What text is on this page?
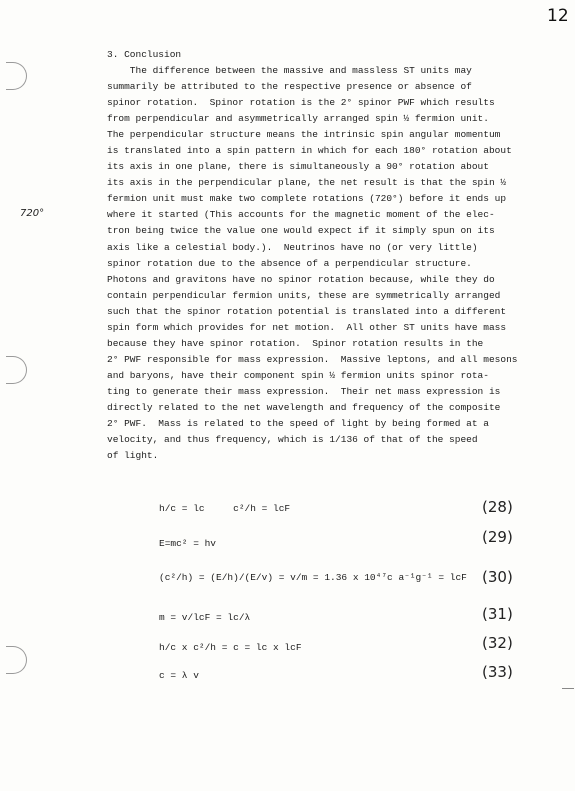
12
720°

3. Conclusion

The difference between the massive and massless ST units may

summarily be attributed to the respective presence or absence of

spinor rotation.  Spinor rotation is the 2° spinor PWF which results

from perpendicular and asymmetrically arranged spin ½ fermion unit.

The perpendicular structure means the intrinsic spin angular momentum

is translated into a spin pattern in which for each 180° rotation about

its axis in one plane, there is simultaneously a 90° rotation about

its axis in the perpendicular plane, the net result is that the spin ½

fermion unit must make two complete rotations (720°) before it ends up

where it started (This accounts for the magnetic moment of the elec-

tron being twice the value one would expect if it simply spun on its

axis like a celestial body.).  Neutrinos have no (or very little)

spinor rotation due to the absence of a perpendicular structure.

Photons and gravitons have no spinor rotation because, while they do

contain perpendicular fermion units, these are symmetrically arranged

such that the spinor rotation potential is translated into a different

spin form which provides for net motion.  All other ST units have mass

because they have spinor rotation.  Spinor rotation results in the

2° PWF responsible for mass expression.  Massive leptons, and all mesons

and baryons, have their component spin ½ fermion units spinor rota-

ting to generate their mass expression.  Their net mass expression is

directly related to the net wavelength and frequency of the composite

2° PWF.  Mass is related to the speed of light by being formed at a

velocity, and thus frequency, which is 1/136 of that of the speed

of light.

h/c = lc     c²/h = lcF	(28)
E=mc² = hv	(29)
(c²/h) = (E/h)/(E/v) = v/m = 1.36 x 10⁴⁷c a⁻¹g⁻¹ = lcF (30)
m = v/lcF = lc/λ	(31)
h/c x c²/h = c = lc x lcF	(32)
c = λ v	(33)
